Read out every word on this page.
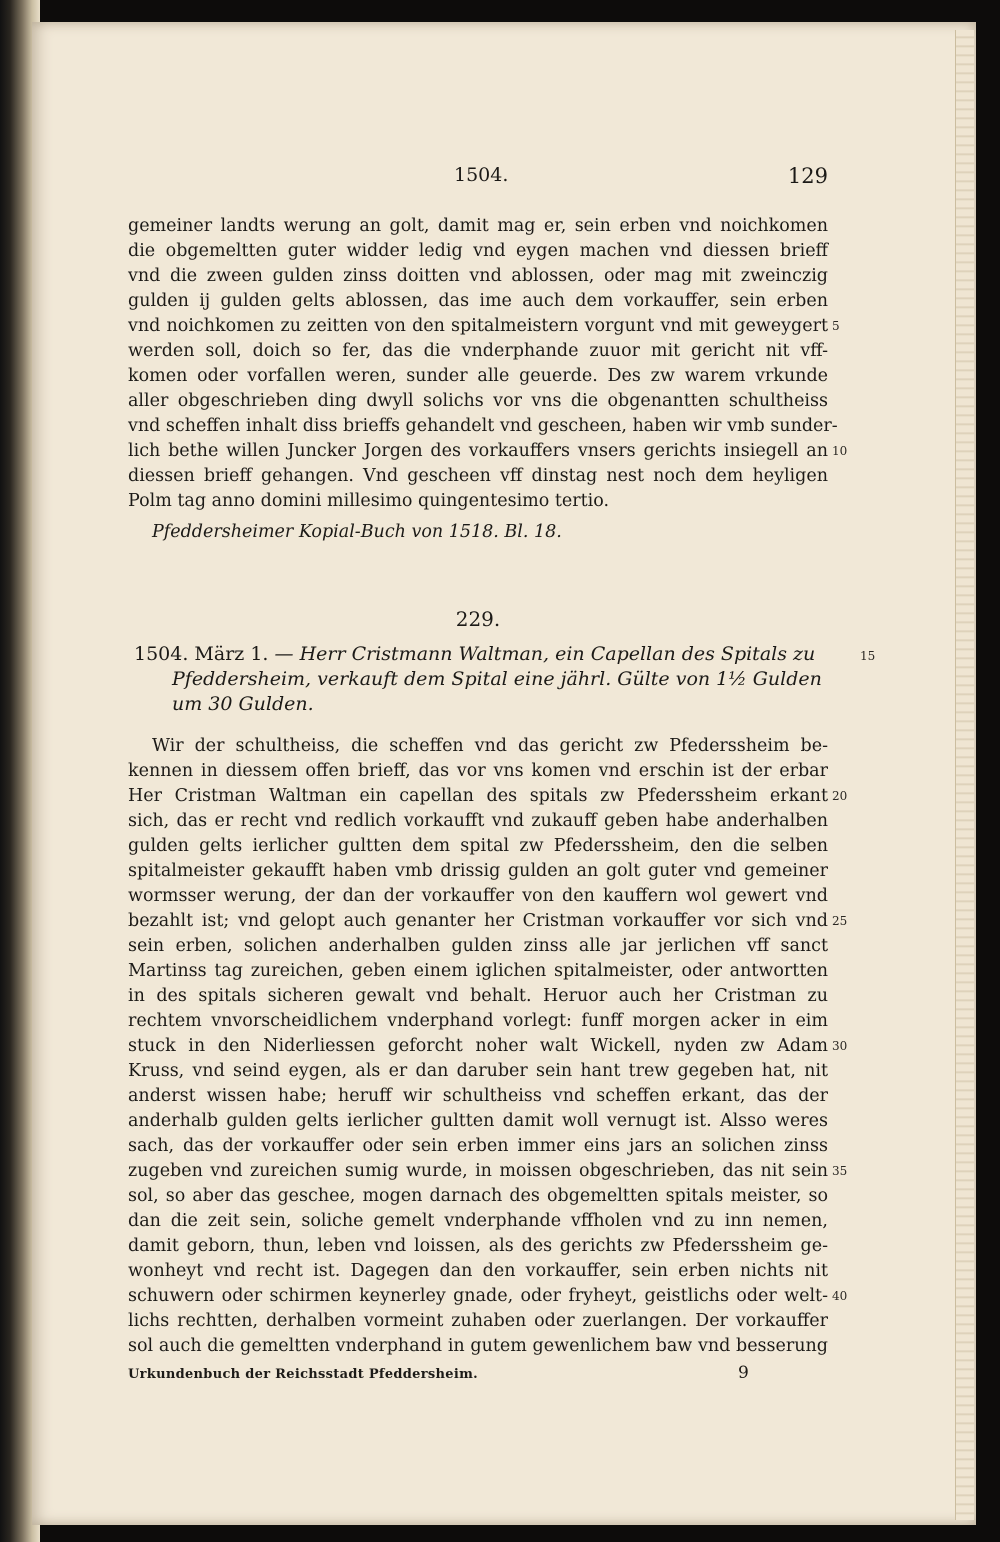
1504.	129
gemeiner landts werung an golt, damit mag er, sein erben vnd noichkomen
die obgemeltten guter widder ledig vnd eygen machen vnd diessen brieff
vnd die zween gulden zinss doitten vnd ablossen, oder mag mit zweinczig
gulden ij gulden gelts ablossen, das ime auch dem vorkauffer, sein erben
vnd noichkomen zu zeitten von den spitalmeistern vorgunt vnd mit geweygert
werden soll, doich so fer, das die vnderphande zuuor mit gericht nit vff-
komen oder vorfallen weren, sunder alle geuerde. Des zw warem vrkunde
aller obgeschrieben ding dwyll solichs vor vns die obgenantten schultheiss
vnd scheffen inhalt diss brieffs gehandelt vnd gescheen, haben wir vmb sunder-
lich bethe willen Juncker Jorgen des vorkauffers vnsers gerichts insiegell an
diessen brieff gehangen. Vnd gescheen vff dinstag nest noch dem heyligen
Polm tag anno domini millesimo quingentesimo tertio.
Pfeddersheimer Kopial-Buch von 1518. Bl. 18.
229.
1504. März 1. — Herr Cristmann Waltman, ein Capellan des Spitals zu
Pfeddersheim, verkauft dem Spital eine jährl. Gülte von 1½ Gulden
um 30 Gulden.
Wir der schultheiss, die scheffen vnd das gericht zw Pfederssheim be-
kennen in diessem offen brieff, das vor vns komen vnd erschin ist der erbar
Her Cristman Waltman ein capellan des spitals zw Pfederssheim erkant
sich, das er recht vnd redlich vorkaufft vnd zukauff geben habe anderhalben
gulden gelts ierlicher gultten dem spital zw Pfederssheim, den die selben
spitalmeister gekaufft haben vmb drissig gulden an golt guter vnd gemeiner
wormsser werung, der dan der vorkauffer von den kauffern wol gewert vnd
bezahlt ist; vnd gelopt auch genanter her Cristman vorkauffer vor sich vnd
sein erben, solichen anderhalben gulden zinss alle jar jerlichen vff sanct
Martinss tag zureichen, geben einem iglichen spitalmeister, oder antwortten
in des spitals sicheren gewalt vnd behalt. Heruor auch her Cristman zu
rechtem vnvorscheidlichem vnderphand vorlegt: funff morgen acker in eim
stuck in den Niderliessen geforcht noher walt Wickell, nyden zw Adam
Kruss, vnd seind eygen, als er dan daruber sein hant trew gegeben hat, nit
anderst wissen habe; heruff wir schultheiss vnd scheffen erkant, das der
anderhalb gulden gelts ierlicher gultten damit woll vernugt ist. Alsso weres
sach, das der vorkauffer oder sein erben immer eins jars an solichen zinss
zugeben vnd zureichen sumig wurde, in moissen obgeschrieben, das nit sein
sol, so aber das geschee, mogen darnach des obgemeltten spitals meister, so
dan die zeit sein, soliche gemelt vnderphande vffholen vnd zu inn nemen,
damit geborn, thun, leben vnd loissen, als des gerichts zw Pfederssheim ge-
wonheyt vnd recht ist. Dagegen dan den vorkauffer, sein erben nichts nit
schuwern oder schirmen keynerley gnade, oder fryheyt, geistlichs oder welt-
lichs rechtten, derhalben vormeint zuhaben oder zuerlangen. Der vorkauffer
sol auch die gemeltten vnderphand in gutem gewenlichem baw vnd besserung
5
10
15
20
25
30
35
40
Urkundenbuch der Reichsstadt Pfeddersheim.	9
